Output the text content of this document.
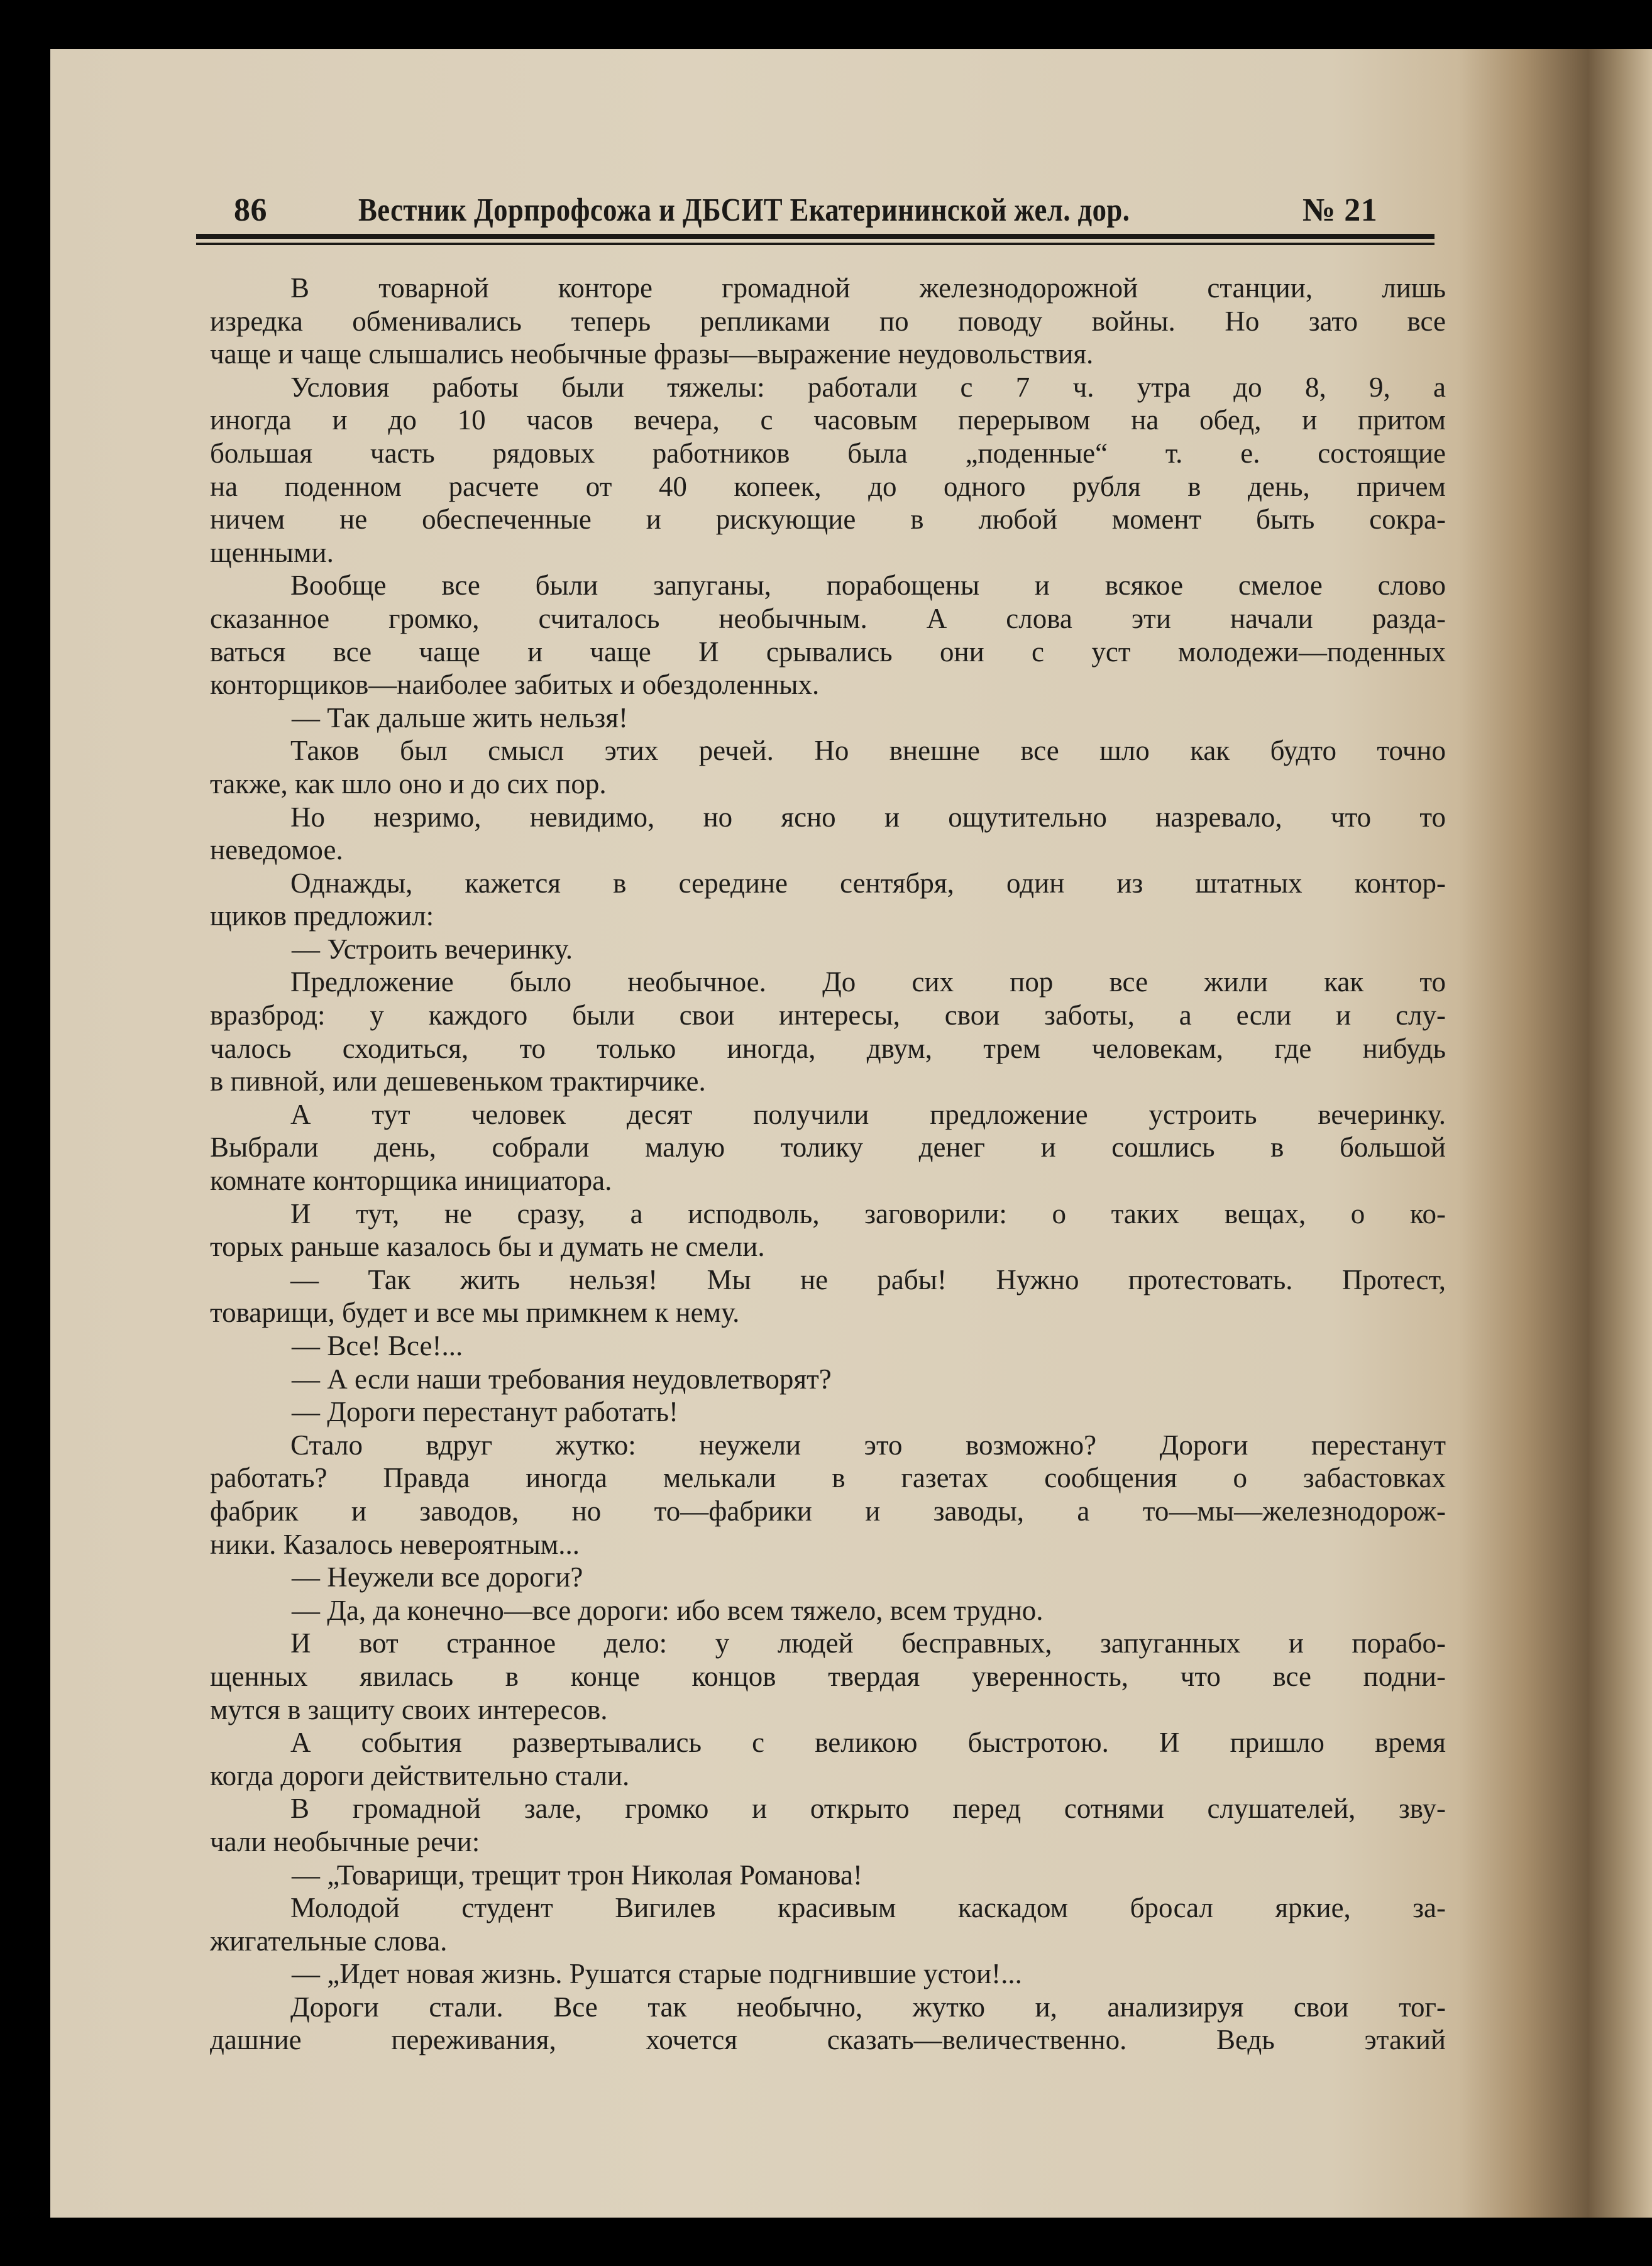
86	Вестник Дорпрофсожа и ДБСИТ Екатерининской жел. дор.	№ 21
В товарной конторе громадной железнодорожной станции, лишь
изредка обменивались теперь репликами по поводу войны. Но зато все
чаще и чаще слышались необычные фразы—выражение неудовольствия.
Условия работы были тяжелы: работали с 7 ч. утра до 8, 9, а
иногда и до 10 часов вечера, с часовым перерывом на обед, и притом
большая часть рядовых работников была „поденные“ т. е. состоящие
на поденном расчете от 40 копеек, до одного рубля в день, причем
ничем не обеспеченные и рискующие в любой момент быть сокра-
щенными.
Вообще все были запуганы, порабощены и всякое смелое слово
сказанное громко, считалось необычным. А слова эти начали разда-
ваться все чаще и чаще И срывались они с уст молодежи—поденных
конторщиков—наиболее забитых и обездоленных.
— Так дальше жить нельзя!
Таков был смысл этих речей. Но внешне все шло как будто точно
также, как шло оно и до сих пор.
Но незримо, невидимо, но ясно и ощутительно назревало, что то
неведомое.
Однажды, кажется в середине сентября, один из штатных контор-
щиков предложил:
— Устроить вечеринку.
Предложение было необычное. До сих пор все жили как то
вразброд: у каждого были свои интересы, свои заботы, а если и слу-
чалось сходиться, то только иногда, двум, трем человекам, где нибудь
в пивной, или дешевеньком трактирчике.
А тут человек десят получили предложение устроить вечеринку.
Выбрали день, собрали малую толику денег и сошлись в большой
комнате конторщика инициатора.
И тут, не сразу, а исподволь, заговорили: о таких вещах, о ко-
торых раньше казалось бы и думать не смели.
— Так жить нельзя! Мы не рабы! Нужно протестовать. Протест,
товарищи, будет и все мы примкнем к нему.
— Все! Все!...
— А если наши требования неудовлетворят?
— Дороги перестанут работать!
Стало вдруг жутко: неужели это возможно? Дороги перестанут
работать? Правда иногда мелькали в газетах сообщения о забастовках
фабрик и заводов, но то—фабрики и заводы, а то—мы—железнодорож-
ники. Казалось невероятным...
— Неужели все дороги?
— Да, да конечно—все дороги: ибо всем тяжело, всем трудно.
И вот странное дело: у людей бесправных, запуганных и порабо-
щенных явилась в конце концов твердая уверенность, что все подни-
мутся в защиту своих интересов.
А события развертывались с великою быстротою. И пришло время
когда дороги действительно стали.
В громадной зале, громко и открыто перед сотнями слушателей, зву-
чали необычные речи:
— „Товарищи, трещит трон Николая Романова!
Молодой студент Вигилев красивым каскадом бросал яркие, за-
жигательные слова.
— „Идет новая жизнь. Рушатся старые подгнившие устои!...
Дороги стали. Все так необычно, жутко и, анализируя свои тог-
дашние переживания, хочется сказать—величественно. Ведь этакий
